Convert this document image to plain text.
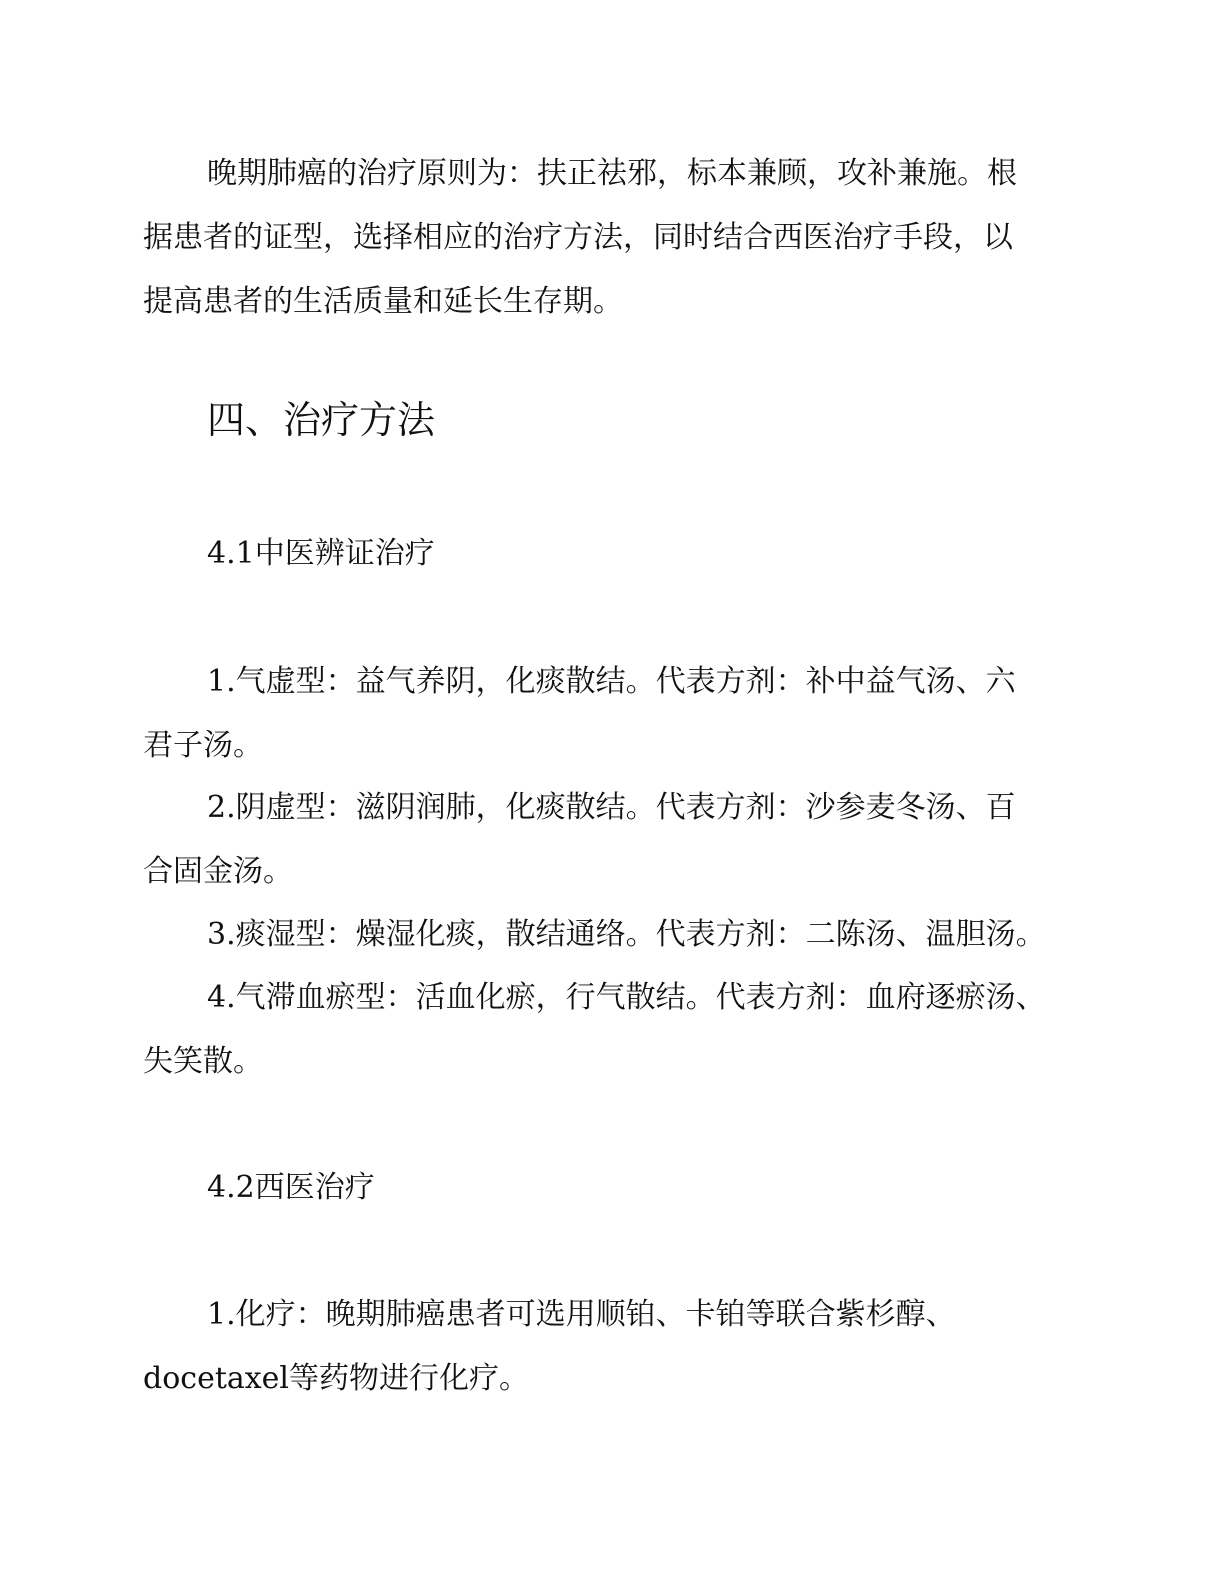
晚期肺癌的治疗原则为：扶正祛邪，标本兼顾，攻补兼施。根
据患者的证型，选择相应的治疗方法，同时结合西医治疗手段，以
提高患者的生活质量和延长生存期。
四、治疗方法
4.1中医辨证治疗
1.气虚型：益气养阴，化痰散结。代表方剂：补中益气汤、六
君子汤。
2.阴虚型：滋阴润肺，化痰散结。代表方剂：沙参麦冬汤、百
合固金汤。
3.痰湿型：燥湿化痰，散结通络。代表方剂：二陈汤、温胆汤。
4.气滞血瘀型：活血化瘀，行气散结。代表方剂：血府逐瘀汤、
失笑散。
4.2西医治疗
1.化疗：晚期肺癌患者可选用顺铂、卡铂等联合紫杉醇、
docetaxel等药物进行化疗。
